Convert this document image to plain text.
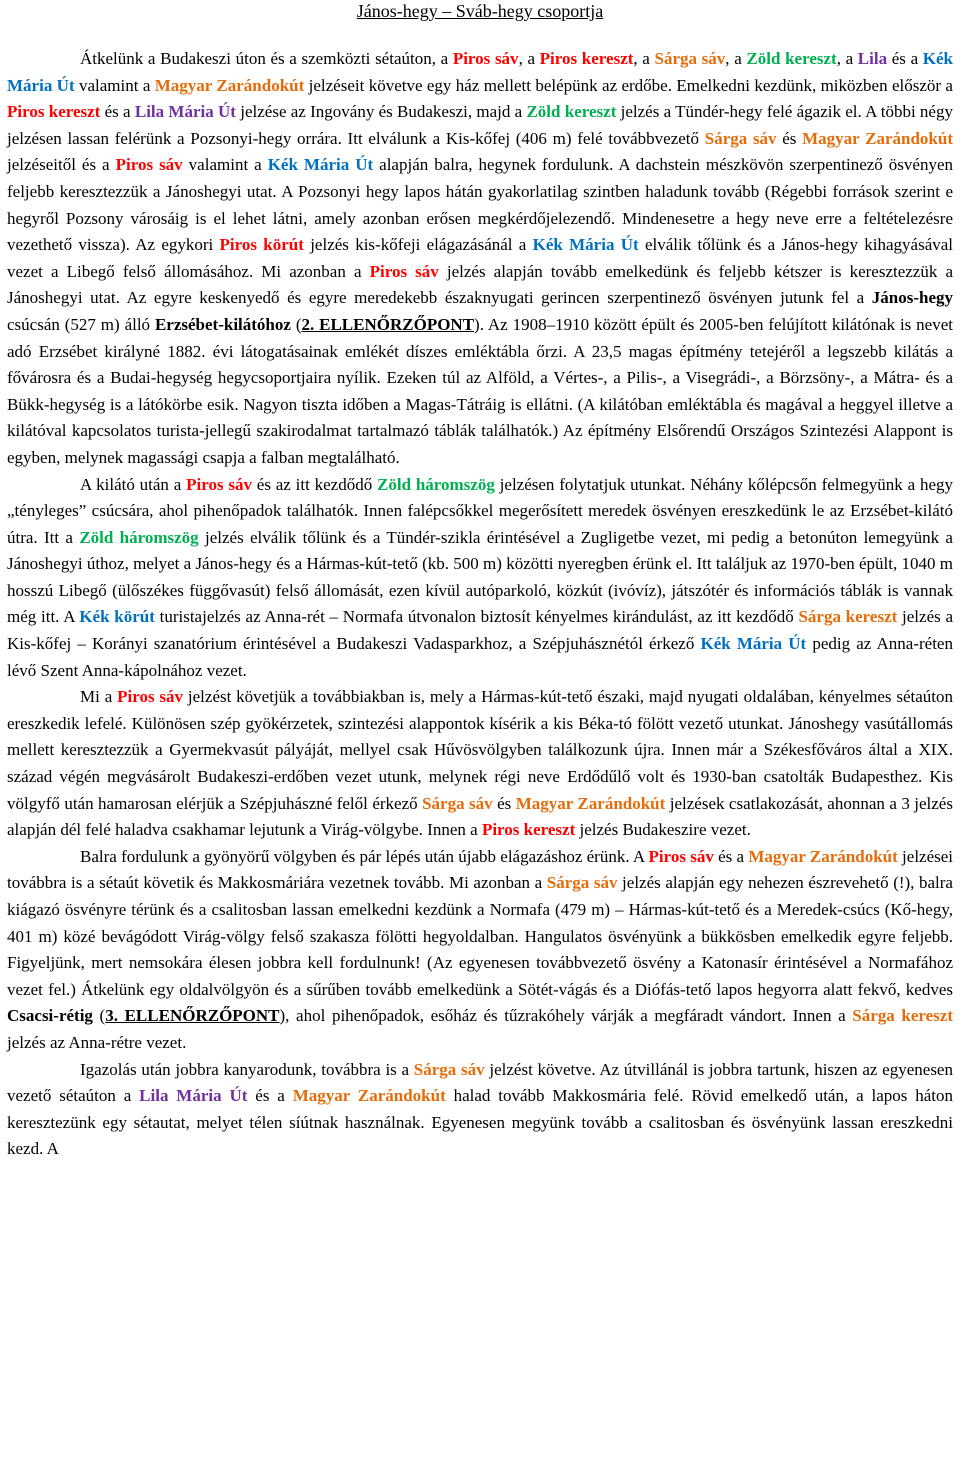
János-hegy – Sváb-hegy csoportja

Átkelünk a Budakeszi úton és a szemközti sétaúton, a Piros sáv, a Piros kereszt, a Sárga sáv, a Zöld kereszt, a Lila és a Kék Mária Út valamint a Magyar Zarándokút jelzéseit követve egy ház mellett belépünk az erdőbe. Emelkedni kezdünk, miközben először a Piros kereszt és a Lila Mária Út jelzése az Ingovány és Budakeszi, majd a Zöld kereszt jelzés a Tündér-hegy felé ágazik el. A többi négy jelzésen lassan felérünk a Pozsonyi-hegy orrára. Itt elválunk a Kis-kőfej (406 m) felé továbbvezető Sárga sáv és Magyar Zarándokút jelzéseitől és a Piros sáv valamint a Kék Mária Út alapján balra, hegynek fordulunk. A dachstein mészkövön szerpentinező ösvényen feljebb keresztezzük a Jánoshegyi utat. A Pozsonyi hegy lapos hátán gyakorlatilag szintben haladunk tovább (Régebbi források szerint e hegyről Pozsony városáig is el lehet látni, amely azonban erősen megkérdőjelezendő. Mindenesetre a hegy neve erre a feltételezésre vezethető vissza). Az egykori Piros körút jelzés kis-kőfeji elágazásánál a Kék Mária Út elválik tőlünk és a János-hegy kihagyásával vezet a Libegő felső állomásához. Mi azonban a Piros sáv jelzés alapján tovább emelkedünk és feljebb kétszer is keresztezzük a Jánoshegyi utat. Az egyre keskenyedő és egyre meredekebb északnyugati gerincen szerpentinező ösvényen jutunk fel a János-hegy csúcsán (527 m) álló Erzsébet-kilátóhoz (2. ELLENŐRZŐPONT). Az 1908–1910 között épült és 2005-ben felújított kilátónak is nevet adó Erzsébet királyné 1882. évi látogatásainak emlékét díszes emléktábla őrzi. A 23,5 magas építmény tetejéről a legszebb kilátás a fővárosra és a Budai-hegység hegycsoportjaira nyílik. Ezeken túl az Alföld, a Vértes-, a Pilis-, a Visegrádi-, a Börzsöny-, a Mátra- és a Bükk-hegység is a látókörbe esik. Nagyon tiszta időben a Magas-Tátráig is ellátni. (A kilátóban emléktábla és magával a heggyel illetve a kilátóval kapcsolatos turista-jellegű szakirodalmat tartalmazó táblák találhatók.) Az építmény Elsőrendű Országos Szintezési Alappont is egyben, melynek magassági csapja a falban megtalálható.

A kilátó után a Piros sáv és az itt kezdődő Zöld háromszög jelzésen folytatjuk utunkat. Néhány kőlépcsőn felmegyünk a hegy „tényleges” csúcsára, ahol pihenőpadok találhatók. Innen falépcsőkkel megerősített meredek ösvényen ereszkedünk le az Erzsébet-kilátó útra. Itt a Zöld háromszög jelzés elválik tőlünk és a Tündér-szikla érintésével a Zugligetbe vezet, mi pedig a betonúton lemegyünk a Jánoshegyi úthoz, melyet a János-hegy és a Hármas-kút-tető (kb. 500 m) közötti nyeregben érünk el. Itt találjuk az 1970-ben épült, 1040 m hosszú Libegő (ülőszékes függővasút) felső állomását, ezen kívül autóparkoló, közkút (ivóvíz), játszótér és információs táblák is vannak még itt. A Kék körút turistajelzés az Anna-rét – Normafa útvonalon biztosít kényelmes kirándulást, az itt kezdődő Sárga kereszt jelzés a Kis-kőfej – Korányi szanatórium érintésével a Budakeszi Vadasparkhoz, a Szépjuhásznétól érkező Kék Mária Út pedig az Anna-réten lévő Szent Anna-kápolnához vezet.

Mi a Piros sáv jelzést követjük a továbbiakban is, mely a Hármas-kút-tető északi, majd nyugati oldalában, kényelmes sétaúton ereszkedik lefelé. Különösen szép gyökérzetek, szintezési alappontok kísérik a kis Béka-tó fölött vezető utunkat. Jánoshegy vasútállomás mellett keresztezzük a Gyermekvasút pályáját, mellyel csak Hűvösvölgyben találkozunk újra. Innen már a Székesfőváros által a XIX. század végén megvásárolt Budakeszi-erdőben vezet utunk, melynek régi neve Erdődűlő volt és 1930-ban csatolták Budapesthez. Kis völgyfő után hamarosan elérjük a Szépjuhászné felől érkező Sárga sáv és Magyar Zarándokút jelzések csatlakozását, ahonnan a 3 jelzés alapján dél felé haladva csakhamar lejutunk a Virág-völgybe. Innen a Piros kereszt jelzés Budakeszire vezet.

Balra fordulunk a gyönyörű völgyben és pár lépés után újabb elágazáshoz érünk. A Piros sáv és a Magyar Zarándokút jelzései továbbra is a sétaút követik és Makkosmáriára vezetnek tovább. Mi azonban a Sárga sáv jelzés alapján egy nehezen észrevehető (!), balra kiágazó ösvényre térünk és a csalitosban lassan emelkedni kezdünk a Normafa (479 m) – Hármas-kút-tető és a Meredek-csúcs (Kő-hegy, 401 m) közé bevágódott Virág-völgy felső szakasza fölötti hegyoldalban. Hangulatos ösvényünk a bükkösben emelkedik egyre feljebb. Figyeljünk, mert nemsokára élesen jobbra kell fordulnunk! (Az egyenesen továbbvezető ösvény a Katonasír érintésével a Normafához vezet fel.) Átkelünk egy oldalvölgyön és a sűrűben tovább emelkedünk a Sötét-vágás és a Diófás-tető lapos hegyorra alatt fekvő, kedves Csacsi-rétig (3. ELLENŐRZŐPONT), ahol pihenőpadok, esőház és tűzrakóhely várják a megfáradt vándort. Innen a Sárga kereszt jelzés az Anna-rétre vezet.

Igazolás után jobbra kanyarodunk, továbbra is a Sárga sáv jelzést követve. Az útvillánál is jobbra tartunk, hiszen az egyenesen vezető sétaúton a Lila Mária Út és a Magyar Zarándokút halad tovább Makkosmária felé. Rövid emelkedő után, a lapos háton keresztezünk egy sétautat, melyet télen síútnak használnak. Egyenesen megyünk tovább a csalitosban és ösvényünk lassan ereszkedni kezd. A
